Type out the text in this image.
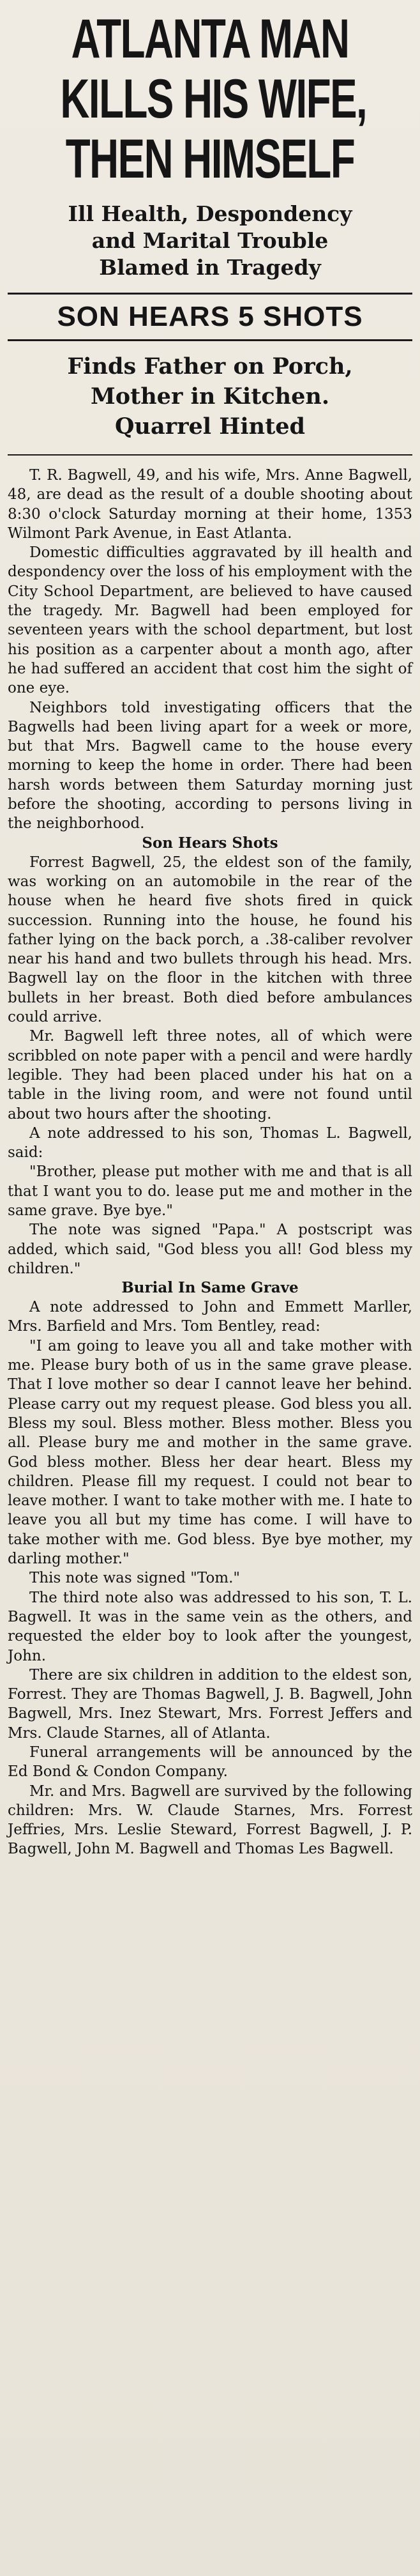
ATLANTA MAN
KILLS HIS WIFE,
THEN HIMSELF
Ill Health, Despondency
and Marital Trouble
Blamed in Tragedy
SON HEARS 5 SHOTS
Finds Father on Porch,
Mother in Kitchen.
Quarrel Hinted

T. R. Bagwell, 49, and his wife, Mrs. Anne Bagwell, 48, are dead as the result of a double shooting about 8:30 o'clock Saturday morning at their home, 1353 Wilmont Park Avenue, in East Atlanta.

Domestic difficulties aggravated by ill health and despondency over the loss of his employment with the City School Department, are believed to have caused the tragedy. Mr. Bagwell had been employed for seventeen years with the school department, but lost his position as a carpenter about a month ago, after he had suffered an accident that cost him the sight of one eye.

Neighbors told investigating officers that the Bagwells had been living apart for a week or more, but that Mrs. Bagwell came to the house every morning to keep the home in order. There had been harsh words between them Saturday morning just before the shooting, according to persons living in the neighborhood.

Son Hears Shots

Forrest Bagwell, 25, the eldest son of the family, was working on an automobile in the rear of the house when he heard five shots fired in quick succession. Running into the house, he found his father lying on the back porch, a .38-caliber revolver near his hand and two bullets through his head. Mrs. Bagwell lay on the floor in the kitchen with three bullets in her breast. Both died before ambulances could arrive.

Mr. Bagwell left three notes, all of which were scribbled on note paper with a pencil and were hardly legible. They had been placed under his hat on a table in the living room, and were not found until about two hours after the shooting.

A note addressed to his son, Thomas L. Bagwell, said:

"Brother, please put mother with me and that is all that I want you to do. lease put me and mother in the same grave. Bye bye."

The note was signed "Papa." A postscript was added, which said, "God bless you all! God bless my children."

Burial In Same Grave

A note addressed to John and Emmett Marller, Mrs. Barfield and Mrs. Tom Bentley, read:

"I am going to leave you all and take mother with me. Please bury both of us in the same grave please. That I love mother so dear I cannot leave her behind. Please carry out my request please. God bless you all. Bless my soul. Bless mother. Bless mother. Bless you all. Please bury me and mother in the same grave. God bless mother. Bless her dear heart. Bless my children. Please fill my request. I could not bear to leave mother. I want to take mother with me. I hate to leave you all but my time has come. I will have to take mother with me. God bless. Bye bye mother, my darling mother."

This note was signed "Tom."

The third note also was addressed to his son, T. L. Bagwell. It was in the same vein as the others, and requested the elder boy to look after the youngest, John.

There are six children in addition to the eldest son, Forrest. They are Thomas Bagwell, J. B. Bagwell, John Bagwell, Mrs. Inez Stewart, Mrs. Forrest Jeffers and Mrs. Claude Starnes, all of Atlanta.

Funeral arrangements will be announced by the Ed Bond & Condon Company.

Mr. and Mrs. Bagwell are survived by the following children: Mrs. W. Claude Starnes, Mrs. Forrest Jeffries, Mrs. Leslie Steward, Forrest Bagwell, J. P. Bagwell, John M. Bagwell and Thomas Les Bagwell.
